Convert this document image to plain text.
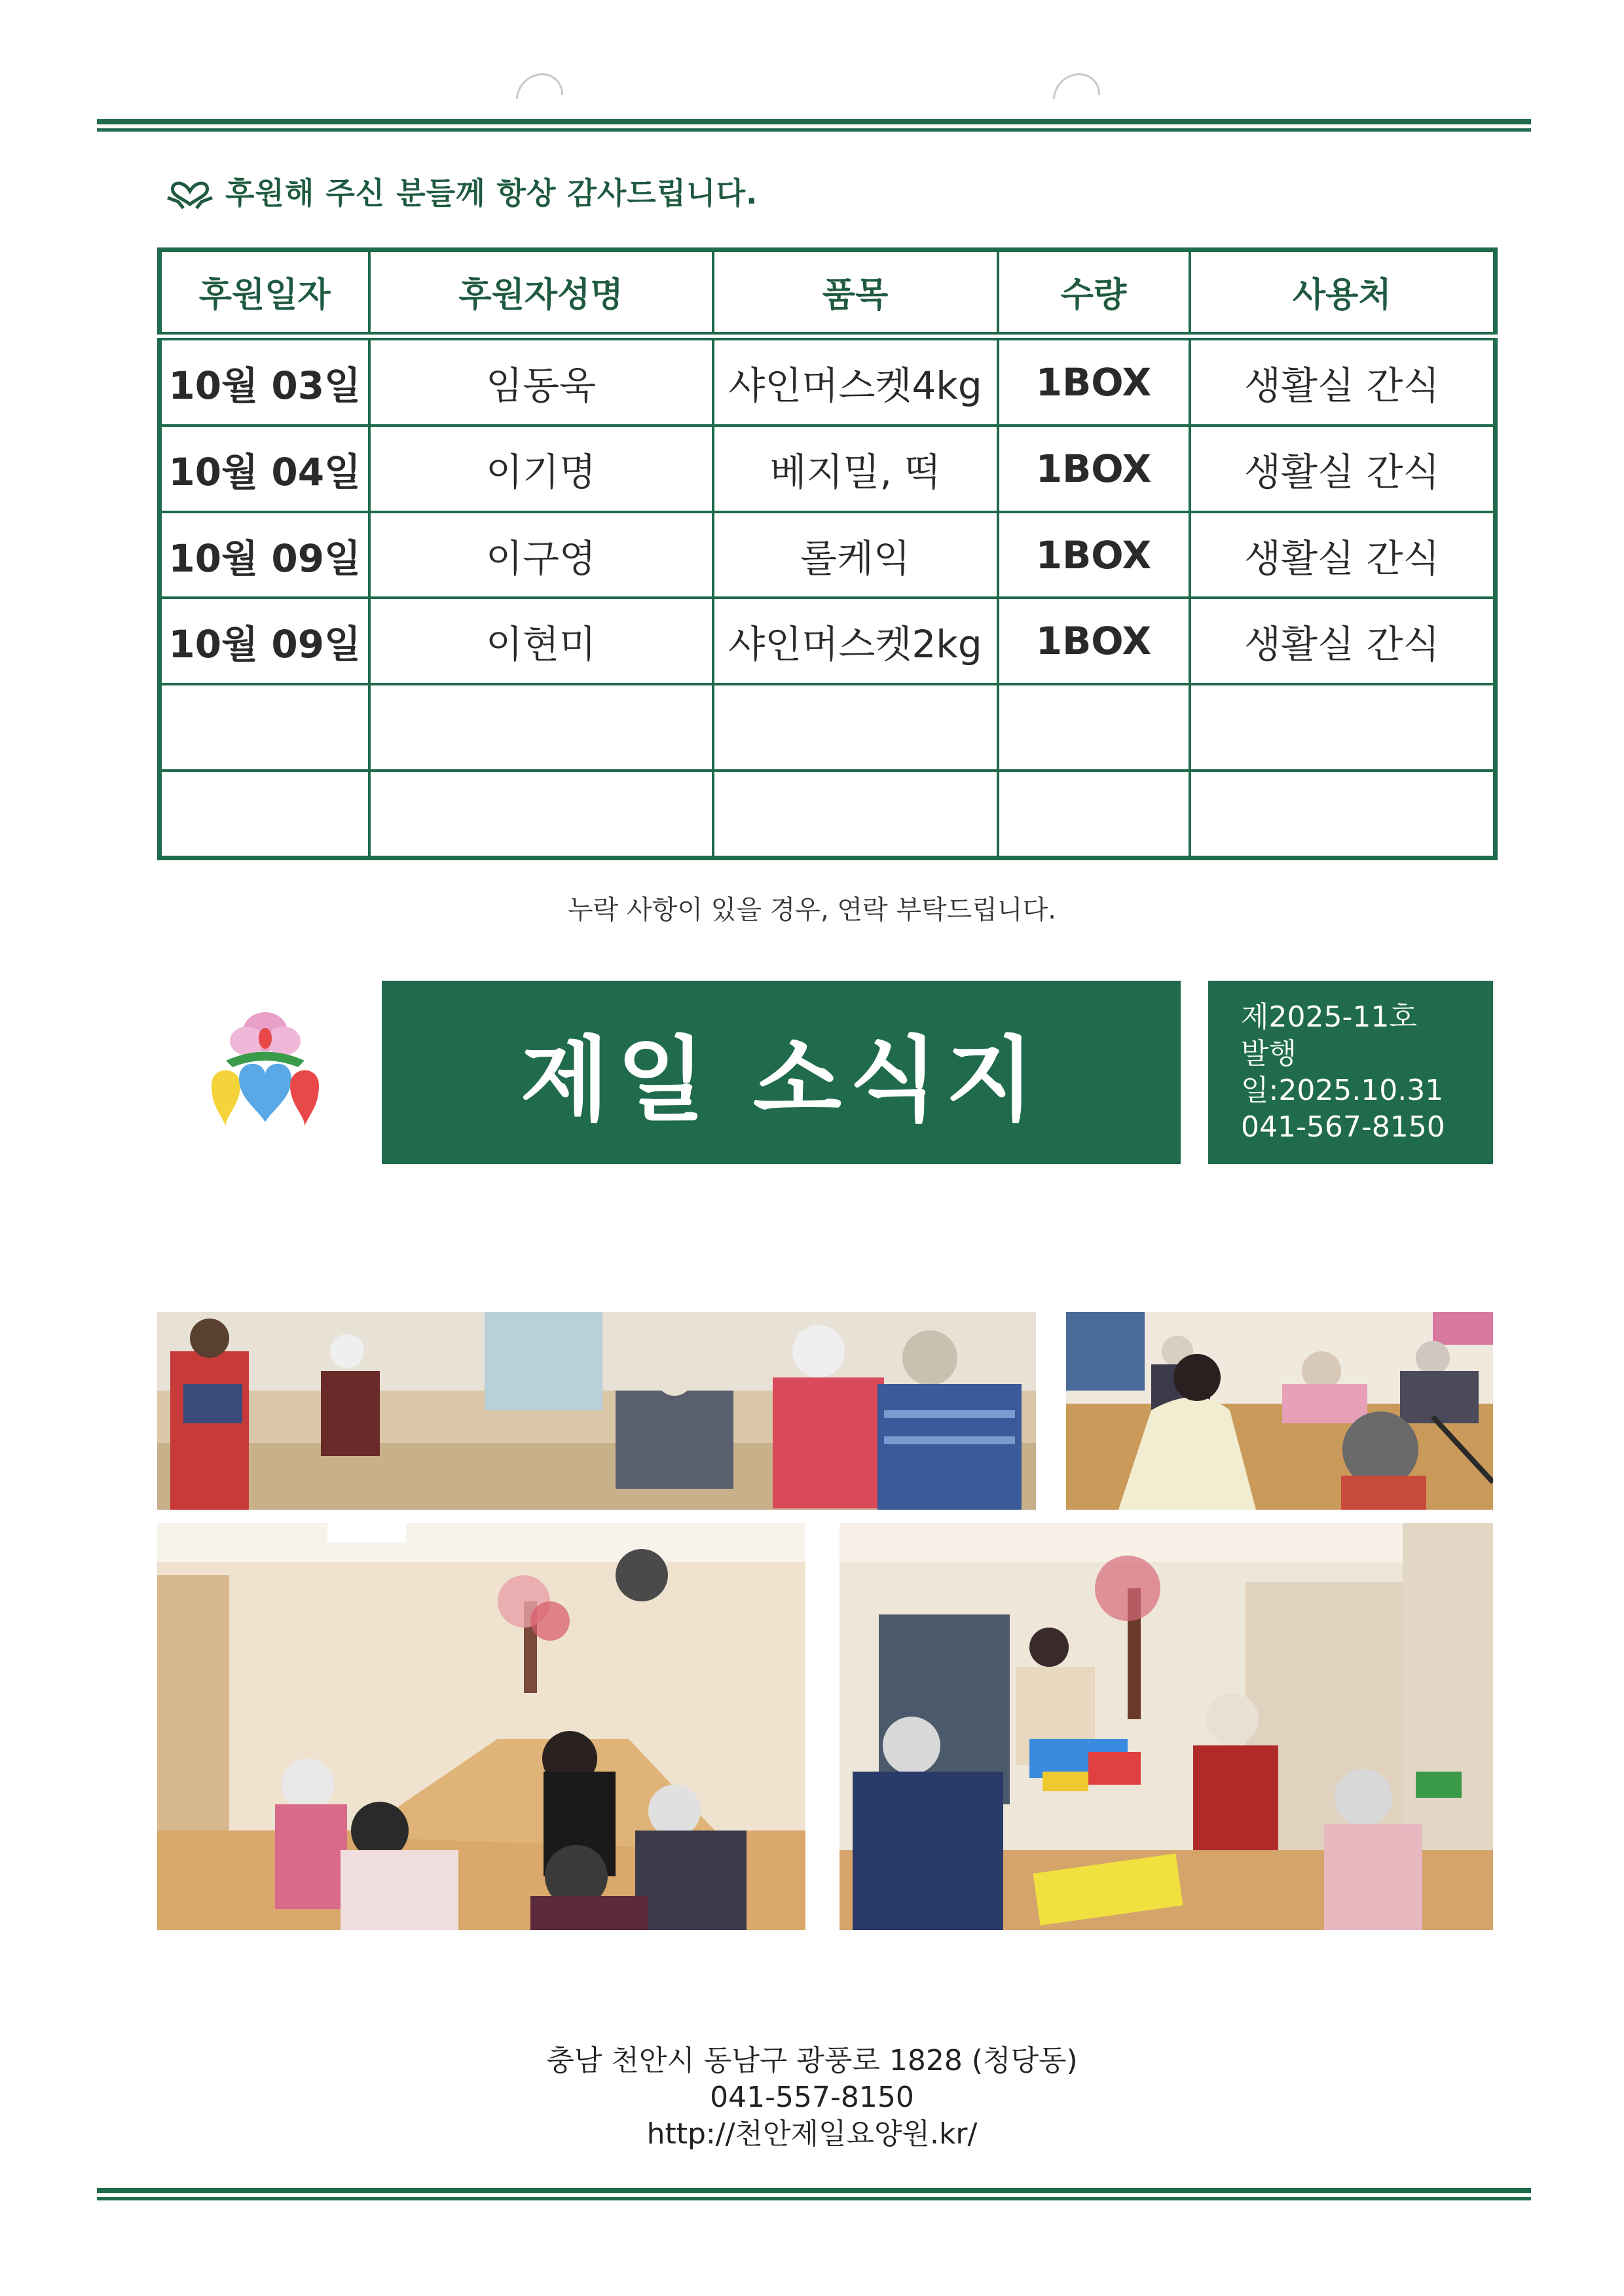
후원해 주신 분들께 항상 감사드립니다.
후원일자	후원자성명	품목	수량	사용처
10월 03일	임동욱	샤인머스켓4kg	1BOX	생활실 간식
10월 04일	이기명	베지밀, 떡	1BOX	생활실 간식
10월 09일	이구영	롤케익	1BOX	생활실 간식
10월 09일	이현미	샤인머스켓2kg	1BOX	생활실 간식

누락 사항이 있을 경우, 연락 부탁드립니다.
제일 소식지
제2025-11호
발행일:2025.10.31
041-567-8150
충남 천안시 동남구 광풍로 1828 (청당동)
041-557-8150
http://천안제일요양원.kr/
